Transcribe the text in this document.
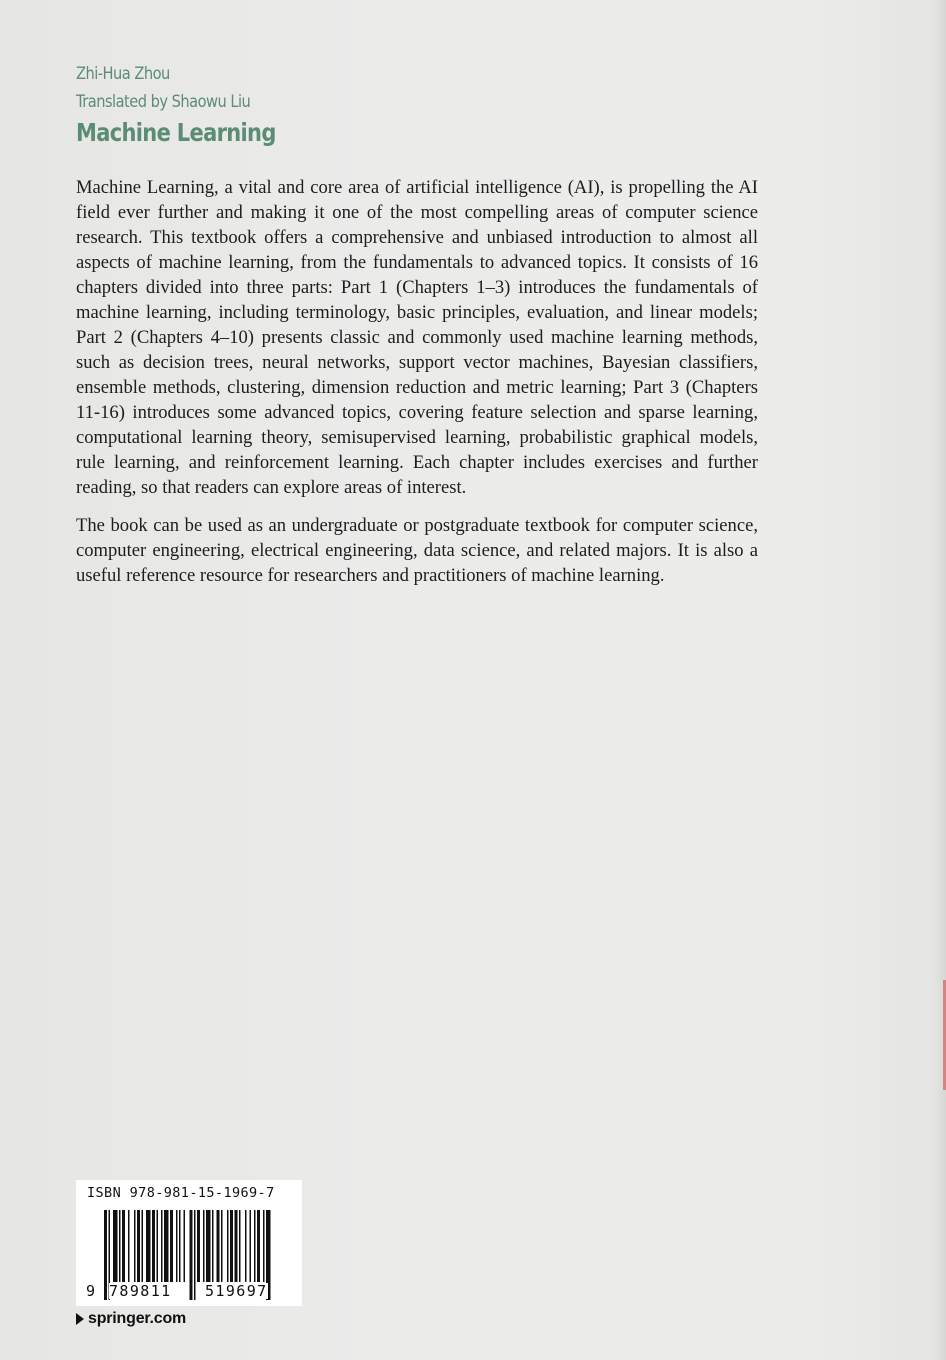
Zhi-Hua Zhou
Translated by Shaowu Liu
Machine Learning

Machine Learning, a vital and core area of artificial intelligence (AI), is propelling the AI field ever further and making it one of the most compelling areas of computer science research. This textbook offers a comprehensive and unbiased introduction to almost all aspects of machine learning, from the fundamentals to advanced topics. It consists of 16 chapters divided into three parts: Part 1 (Chapters 1–3) introduces the fundamentals of machine learning, including terminology, basic principles, evaluation, and linear models; Part 2 (Chapters 4–10) presents classic and commonly used machine learning methods, such as decision trees, neural networks, support vector machines, Bayesian classifiers, ensemble methods, clustering, dimension reduction and metric learning; Part 3 (Chapters 11-16) introduces some advanced topics, covering feature selection and sparse learning, computational learning theory, semisupervised learning, probabilistic graphical models, rule learning, and reinforcement learning. Each chapter includes exercises and further reading, so that readers can explore areas of interest.

The book can be used as an undergraduate or postgraduate textbook for computer science, computer engineering, electrical engineering, data science, and related majors. It is also a useful reference resource for researchers and practitioners of machine learning.

ISBN 978-981-15-1969-7
9 789811 519697
springer.com
